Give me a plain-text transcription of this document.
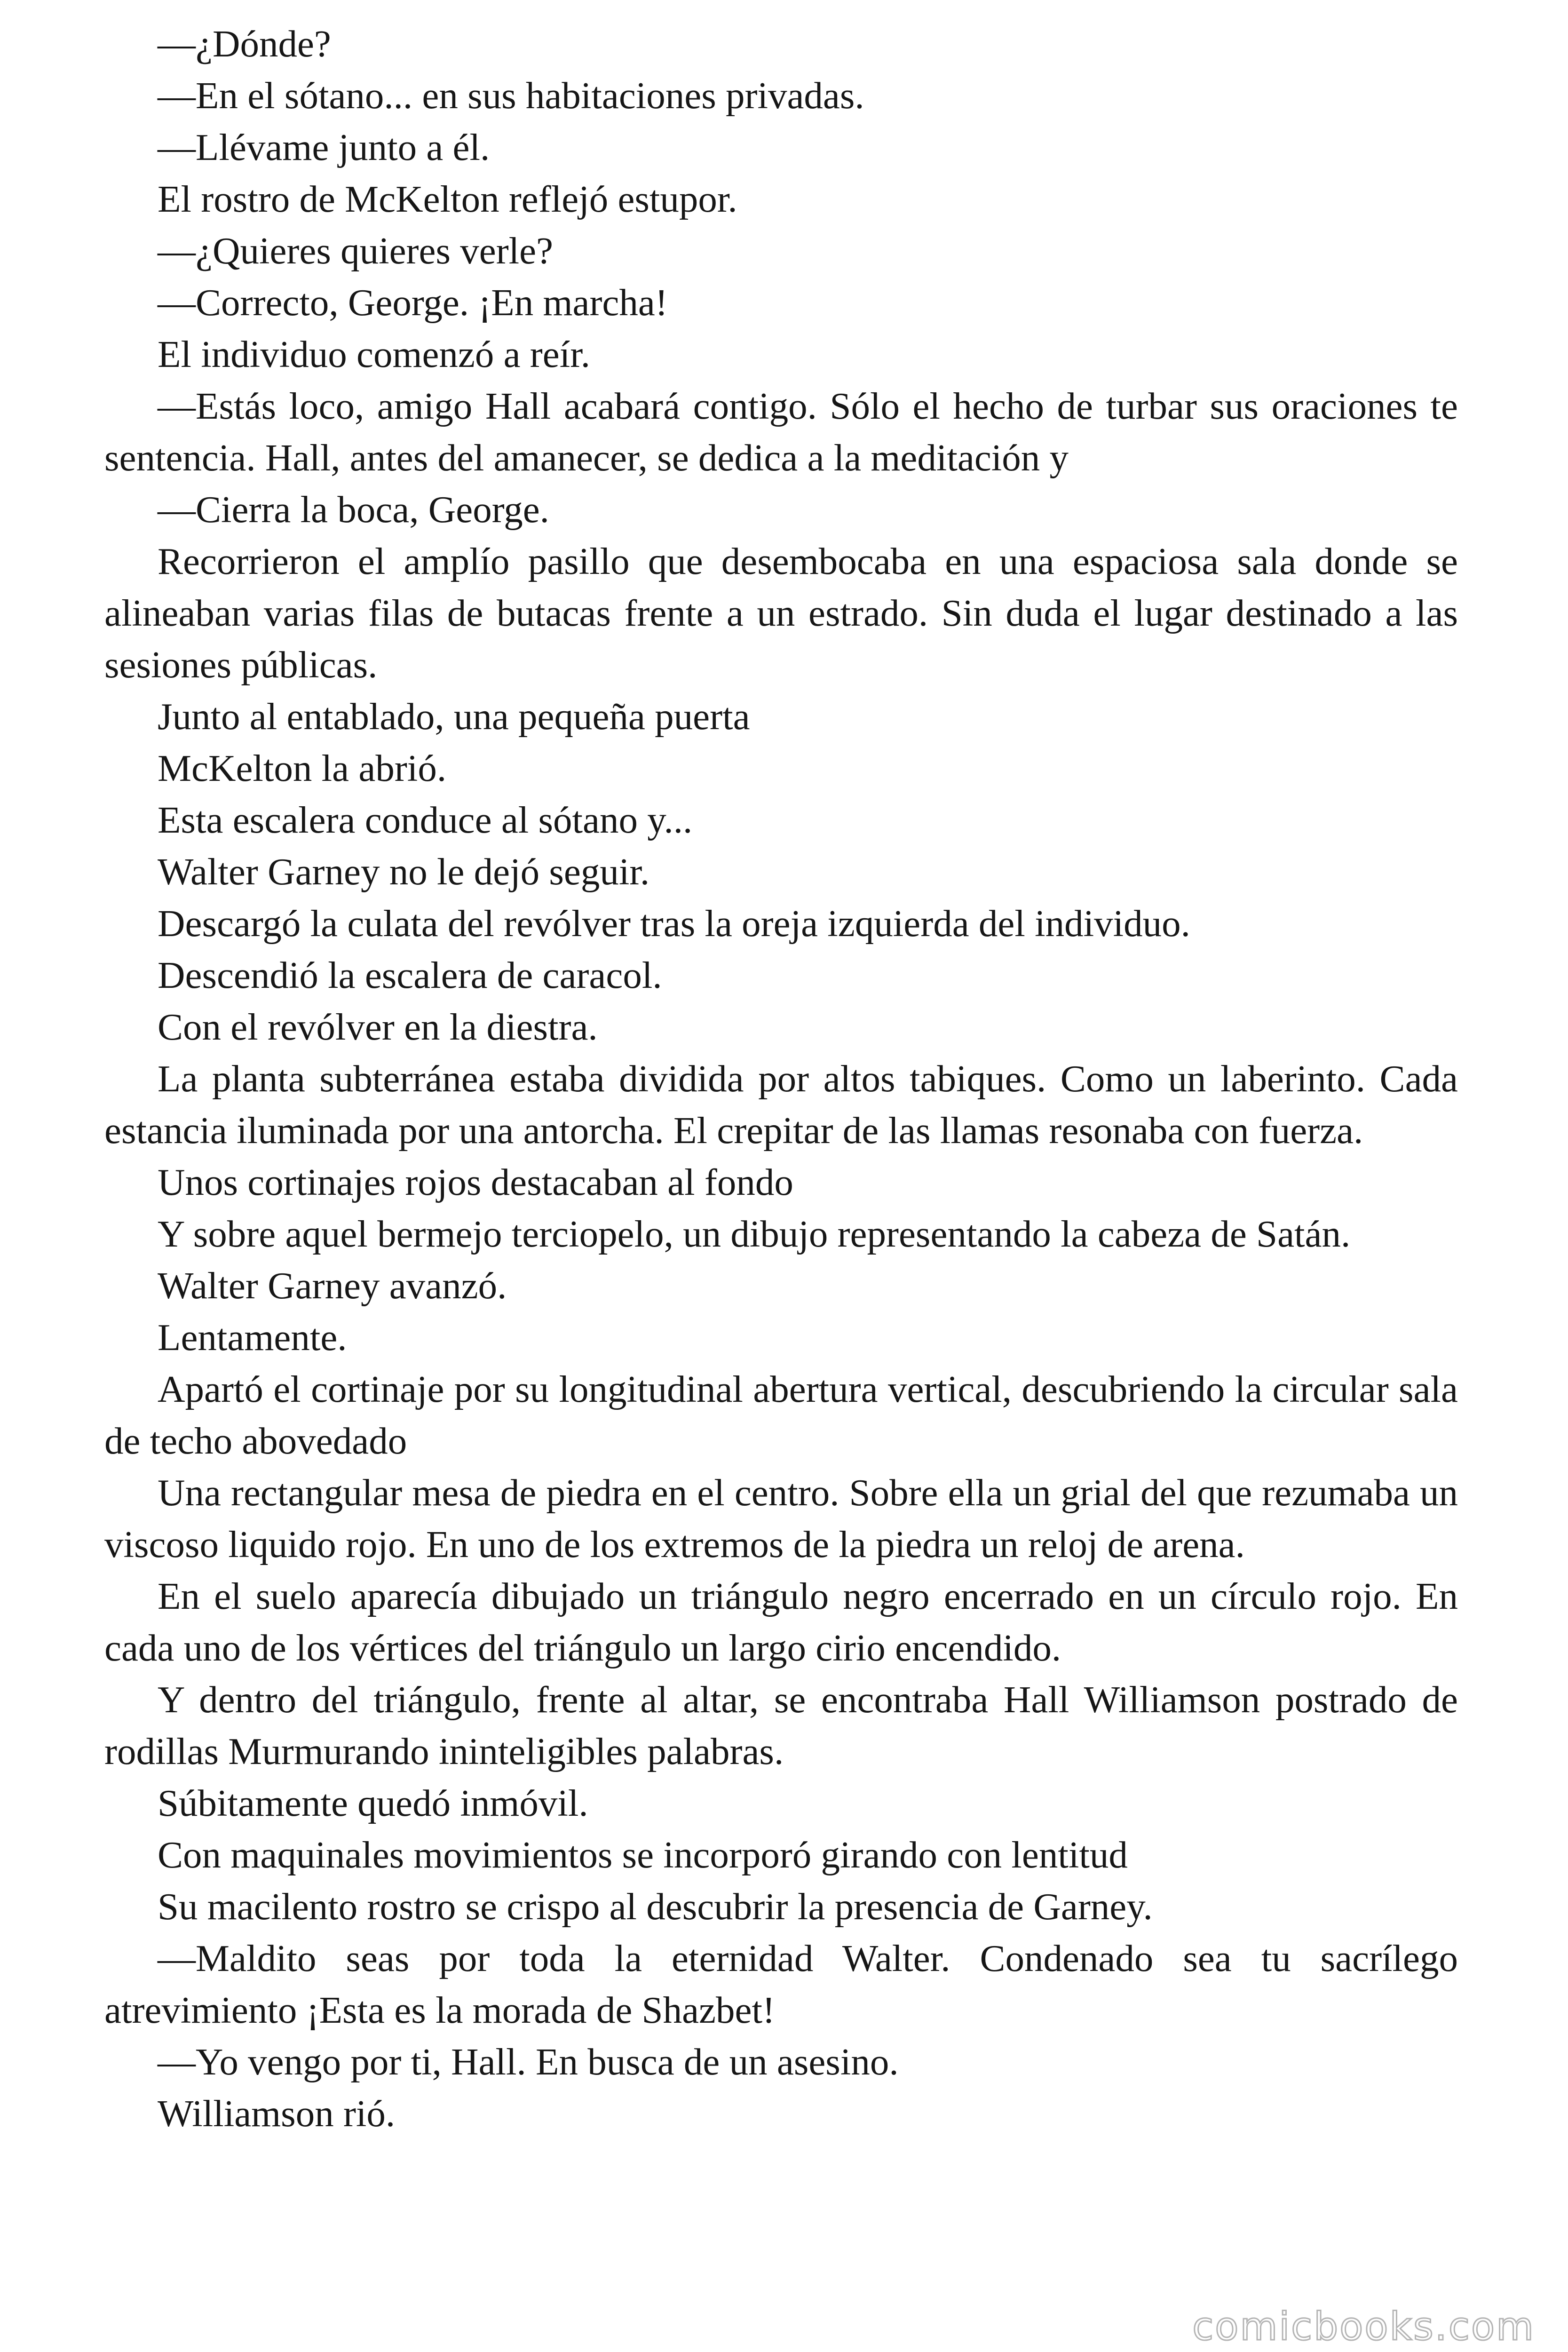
—¿Dónde?

—En el sótano... en sus habitaciones privadas.

—Llévame junto a él.

El rostro de McKelton reflejó estupor.

—¿Quieres quieres verle?

—Correcto, George. ¡En marcha!

El individuo comenzó a reír.

—Estás loco, amigo Hall acabará contigo. Sólo el hecho de turbar sus oraciones te sentencia. Hall, antes del amanecer, se dedica a la meditación y

—Cierra la boca, George.

Recorrieron el amplío pasillo que desembocaba en una espaciosa sala donde se alineaban varias filas de butacas frente a un estrado. Sin duda el lugar destinado a las sesiones públicas.

Junto al entablado, una pequeña puerta

McKelton la abrió.

Esta escalera conduce al sótano y...

Walter Garney no le dejó seguir.

Descargó la culata del revólver tras la oreja izquierda del individuo.

Descendió la escalera de caracol.

Con el revólver en la diestra.

La planta subterránea estaba dividida por altos tabiques. Como un laberinto. Cada estancia iluminada por una antorcha. El crepitar de las llamas resonaba con fuerza.

Unos cortinajes rojos destacaban al fondo

Y sobre aquel bermejo terciopelo, un dibujo representando la cabeza de Satán.

Walter Garney avanzó.

Lentamente.

Apartó el cortinaje por su longitudinal abertura vertical, descubriendo la circular sala de techo abovedado

Una rectangular mesa de piedra en el centro. Sobre ella un grial del que rezumaba un viscoso liquido rojo. En uno de los extremos de la piedra un reloj de arena.

En el suelo aparecía dibujado un triángulo negro encerrado en un círculo rojo. En cada uno de los vértices del triángulo un largo cirio encendido.

Y dentro del triángulo, frente al altar, se encontraba Hall Williamson postrado de rodillas Murmurando ininteligibles palabras.

Súbitamente quedó inmóvil.

Con maquinales movimientos se incorporó girando con lentitud

Su macilento rostro se crispo al descubrir la presencia de Garney.

—Maldito seas por toda la eternidad Walter. Condenado sea tu sacrílego atrevimiento ¡Esta es la morada de Shazbet!

—Yo vengo por ti, Hall. En busca de un asesino.

Williamson rió.

comicbooks.com
